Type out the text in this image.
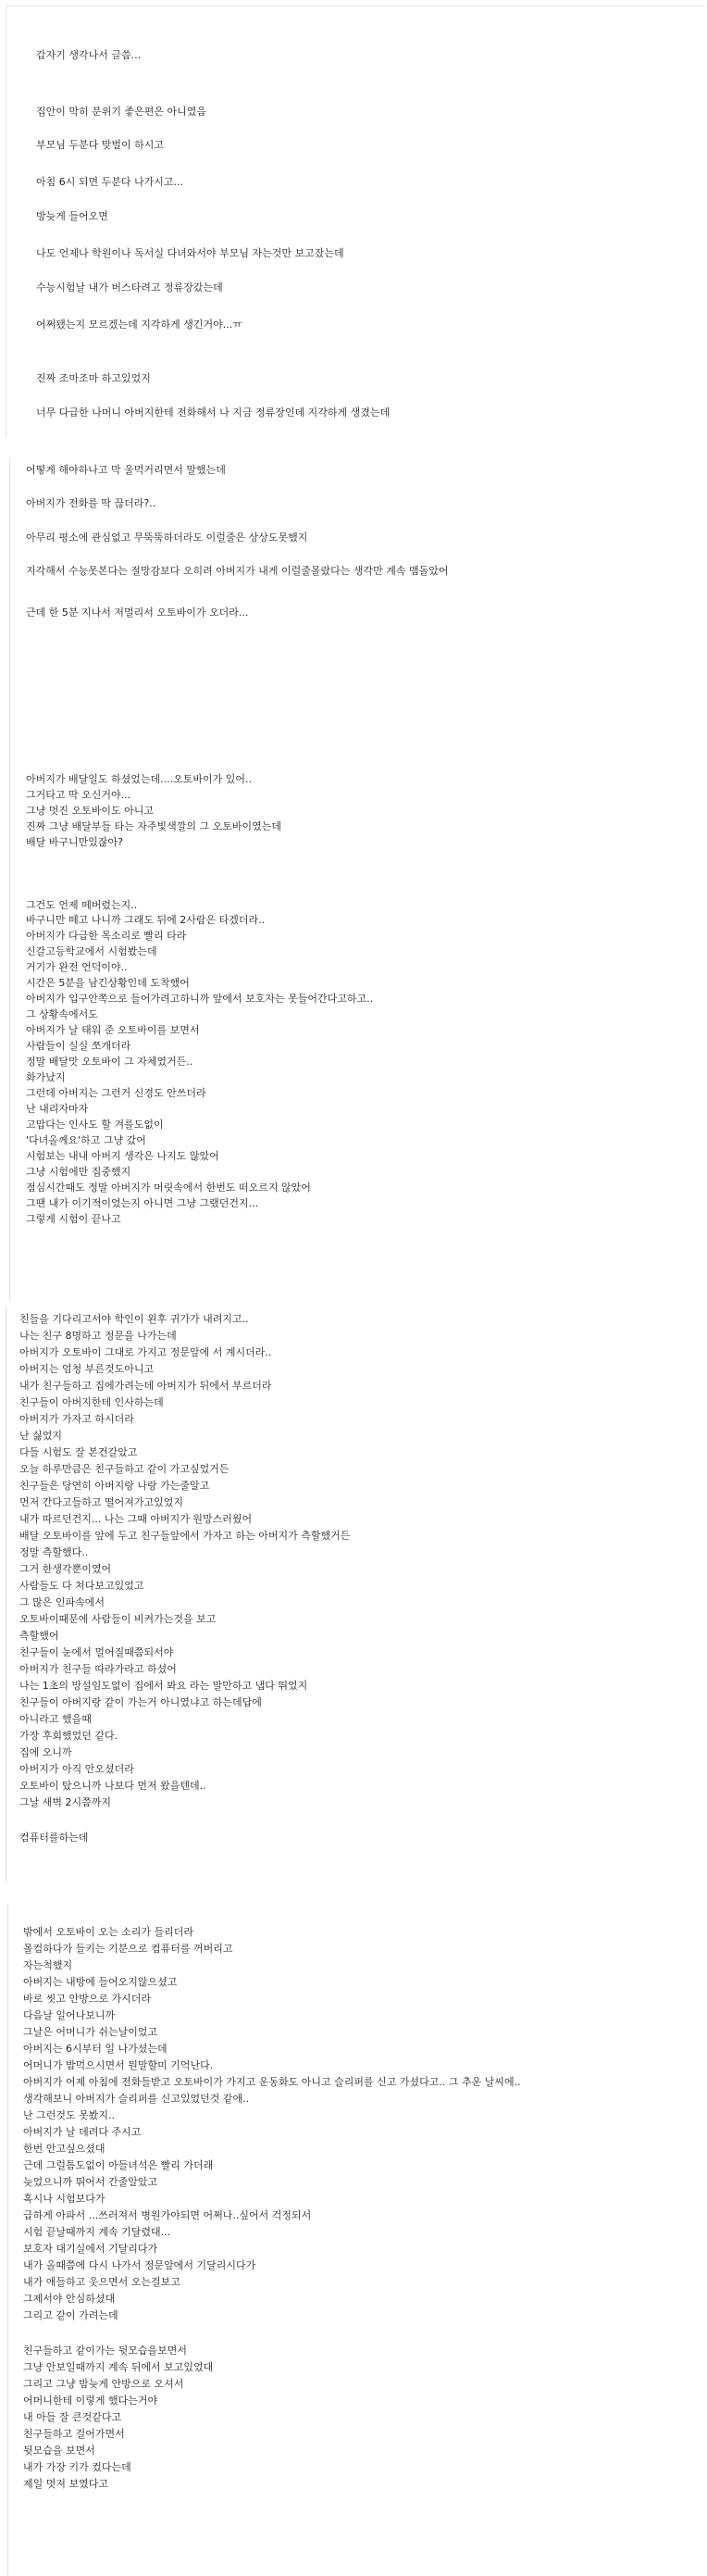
갑자기 생각나서 글씀...
집안이 막히 분위기 좋은편은 아니였음
부모님 두분다 맞벌이 하시고
아침 6시 되면 두분다 나가시고...
방늦게 들어오면
나도 언제나 학원이나 독서실 다녀와서야 부모님 자는것만 보고잤는데
수능시험날 내가 버스타려고 정류장갔는데
어쩌됐는지 모르겠는데 지각하게 생긴거야...ㅠ
진짜 조마조마 하고있었지
너무 다급한 나머니 아버지한테 전화해서 나 지금 정류장인데 지각하게 생겼는데
어떻게 해야하나고 막 울먹거리면서 말했는데
아버지가 전화를 딱 끊더라?..
아무리 평소에 관심없고 무뚝뚝하더라도 이럴줄은 상상도못했지
지각해서 수능못본다는 절망감보다 오히려 아버지가 내게 이럴줄몰랐다는 생각만 계속 맴돌았어
근데 한 5분 지나서 저멀리서 오토바이가 오더라...
아버지가 배달일도 하셨었는데....오토바이가 있어..
그거타고 딱 오신거야...
그냥 멋진 오토바이도 아니고
진짜 그냥 배달부들 타는 자주빛색깔의 그 오토바이였는데
배달 바구니만있잖아?
그건도 언제 떼버렸는지..
바구니만 떼고 나니까 그래도 뒤에 2사람은 타겠더라..
아버지가 다급한 목소리로 빨리 타라
신갈고등학교에서 시험봤는데
거기가 완전 언덕이야..
시간은 5분을 남긴상황인데 도착했어
아버지가 입구안쪽으로 들어가려고하니까 앞에서 보호자는 못들어간다고하고..
그 상황속에서도
아버지가 날 태워 준 오토바이를 보면서
사람들이 실실 쪼개더라
정말 배달맛 오토바이 그 자체였거든..
화가났지
그런데 아버지는 그런거 신경도 안쓰더라
난 내리자마자
고맙다는 인사도 할 겨를도없이
'다녀올께요'하고 그냥 갔어
시험보는 내내 아버지 생각은 나지도 않았어
그냥 시험에만 집중했지
점심시간때도 정말 아버지가 머릿속에서 한번도 떠오르지 않았어
그땐 내가 이기적이었는지 아니면 그냥 그랬던건지...
그렇게 시험이 끝나고
친들을 기다리고서야 학인이 왼후 귀가가 내려지고..
나는 친구 8명하고 정문을 나가는데
아버지가 오토바이 그대로 가지고 정문앞에 서 계시더라..
아버지는 엄청 부른것도아니고
내가 친구들하고 집에가려는데 아버지가 뒤에서 부르더라
친구들이 아버지한테 인사하는데
아버지가 가자고 하시더라
난 싫었지
다들 시험도 잘 본건갈았고
오늘 하루만큼은 친구들하고 같이 가고싶었거든
친구들은 당연히 아버지랑 나랑 가는줄알고
먼저 간다고들하고 떨어져가고있었지
내가 따르던건지... 나는 그때 아버지가 원망스러웠어
배달 오토바이를 앞에 두고 친구들앞에서 가자고 하는 아버지가 측할했거든
정말 측할했다..
그거 한생각뿐이였어
사람들도 다 쳐다보고있었고
그 많은 인파속에서
오토바이때문에 사람들이 비켜가는것을 보고
측할했어
친구들이 눈에서 멀어질때쯤되서야
아버지가 친구들 따라가라고 하셨어
나는 1초의 망설임도없이 집에서 봐요 라는 말만하고 냅다 뛰었지
친구들이 아버지랑 같이 가는거 아니였냐고 하는데답에
아니라고 했을때
가장 후회했었던 같다.
집에 오니까
아버지가 아직 안오셨더라
오토바이 탔으니까 나보다 먼저 왔을텐데..
그날 새벽 2시쯤까지
컴퓨터를하는데
밖에서 오토바이 오는 소리가 들리더라
몰컴하다가 들키는 기분으로 컴퓨터를 꺼버리고
자는척했지
아버지는 내방에 들어오지않으셨고
바로 씻고 안방으로 가시더라
다음날 일어나보니까
그날은 어머니가 쉬는날이었고
아버지는 6시부터 일 나가셨는데
어머니가 밥먹으시면서 뭔말할미 기억난다.
아버지가 어제 아침에 전화들받고 오토바이가 가지고 운동화도 아니고 슬리퍼를 신고 가셨다고.. 그 추운 날씨에..
생각해보니 아버지가 슬리퍼를 신고있었던것 같애..
난 그런것도 못봤지..
아버지가 날 데려다 주시고
한번 안고싶으셨대
근데 그럴틈도없이 아들녀석은 빨리 가더래
늦었으니까 뛰어서 간줄알았고
혹시나 시험보다가
급하게 아파서 ...쓰러져서 병원가야되면 어쩌나..싶어서 걱정되서
시험 끝날때까지 계속 기달렸대...
보호자 대기실에서 기달리다가
내가 올때쯤에 다시 나가서 정문앞에서 기달리시다가
내가 애들하고 웃으면서 오는걸보고
그제서야 안심하셨대
그리고 같이 가려는데
친구들하고 같이가는 뒷모습을보면서
그냥 안보일때까지 계속 뒤에서 보고있었대
그리고 그냥 밤늦게 안방으로 오셔서
어머니한테 이렇게 했다는거야
내 아들 잘 큰것같다고
친구들하고 걸어가면서
뒷모습을 보면서
내가 가장 키가 컸다는데
제일 멋져 보였다고
